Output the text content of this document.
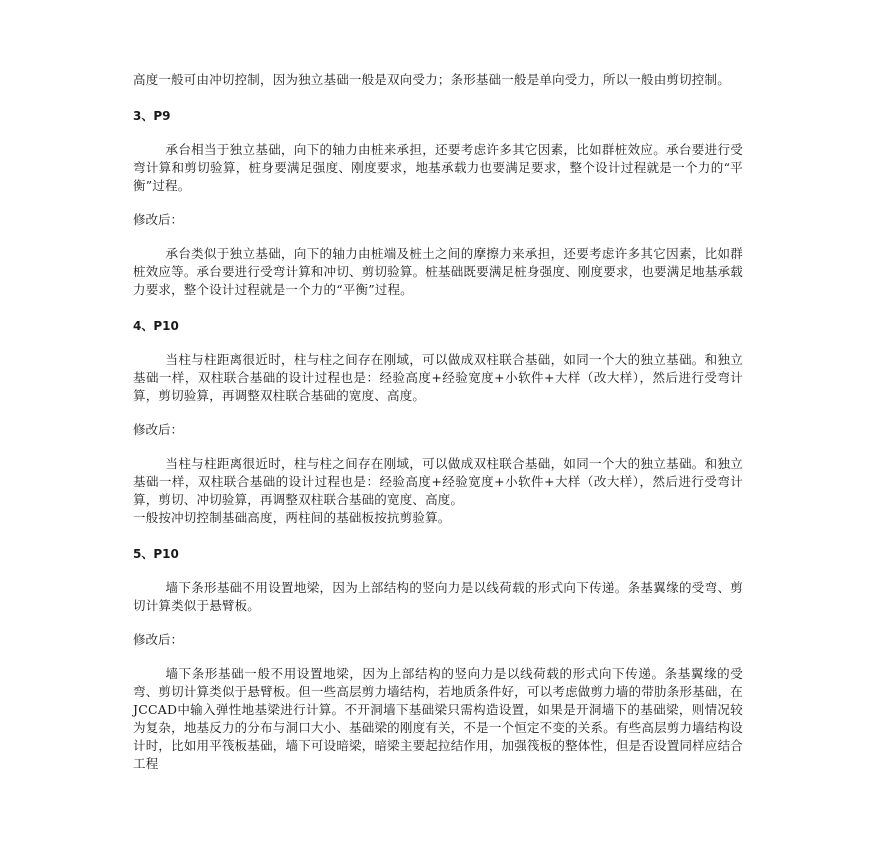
高度一般可由冲切控制，因为独立基础一般是双向受力；条形基础一般是单向受力，所以一般由剪切控制。

3、P9

承台相当于独立基础，向下的轴力由桩来承担，还要考虑许多其它因素，比如群桩效应。承台要进行受弯计算和剪切验算，桩身要满足强度、刚度要求，地基承载力也要满足要求，整个设计过程就是一个力的“平衡”过程。

修改后：

承台类似于独立基础，向下的轴力由桩端及桩土之间的摩擦力来承担，还要考虑许多其它因素，比如群桩效应等。承台要进行受弯计算和冲切、剪切验算。桩基础既要满足桩身强度、刚度要求，也要满足地基承载力要求，整个设计过程就是一个力的“平衡”过程。

4、P10

当柱与柱距离很近时，柱与柱之间存在刚域，可以做成双柱联合基础，如同一个大的独立基础。和独立基础一样，双柱联合基础的设计过程也是：经验高度+经验宽度+小软件+大样（改大样），然后进行受弯计算，剪切验算，再调整双柱联合基础的宽度、高度。

修改后：

当柱与柱距离很近时，柱与柱之间存在刚域，可以做成双柱联合基础，如同一个大的独立基础。和独立基础一样，双柱联合基础的设计过程也是：经验高度+经验宽度+小软件+大样（改大样），然后进行受弯计算，剪切、冲切验算，再调整双柱联合基础的宽度、高度。

一般按冲切控制基础高度，两柱间的基础板按抗剪验算。

5、P10

墙下条形基础不用设置地梁，因为上部结构的竖向力是以线荷载的形式向下传递。条基翼缘的受弯、剪切计算类似于悬臂板。

修改后：

墙下条形基础一般不用设置地梁，因为上部结构的竖向力是以线荷载的形式向下传递。条基翼缘的受弯、剪切计算类似于悬臂板。但一些高层剪力墙结构，若地质条件好，可以考虑做剪力墙的带肋条形基础，在JCCAD中输入弹性地基梁进行计算。不开洞墙下基础梁只需构造设置，如果是开洞墙下的基础梁，则情况较为复杂，地基反力的分布与洞口大小、基础梁的刚度有关，不是一个恒定不变的关系。有些高层剪力墙结构设计时，比如用平筏板基础，墙下可设暗梁，暗梁主要起拉结作用，加强筏板的整体性，但是否设置同样应结合工程
